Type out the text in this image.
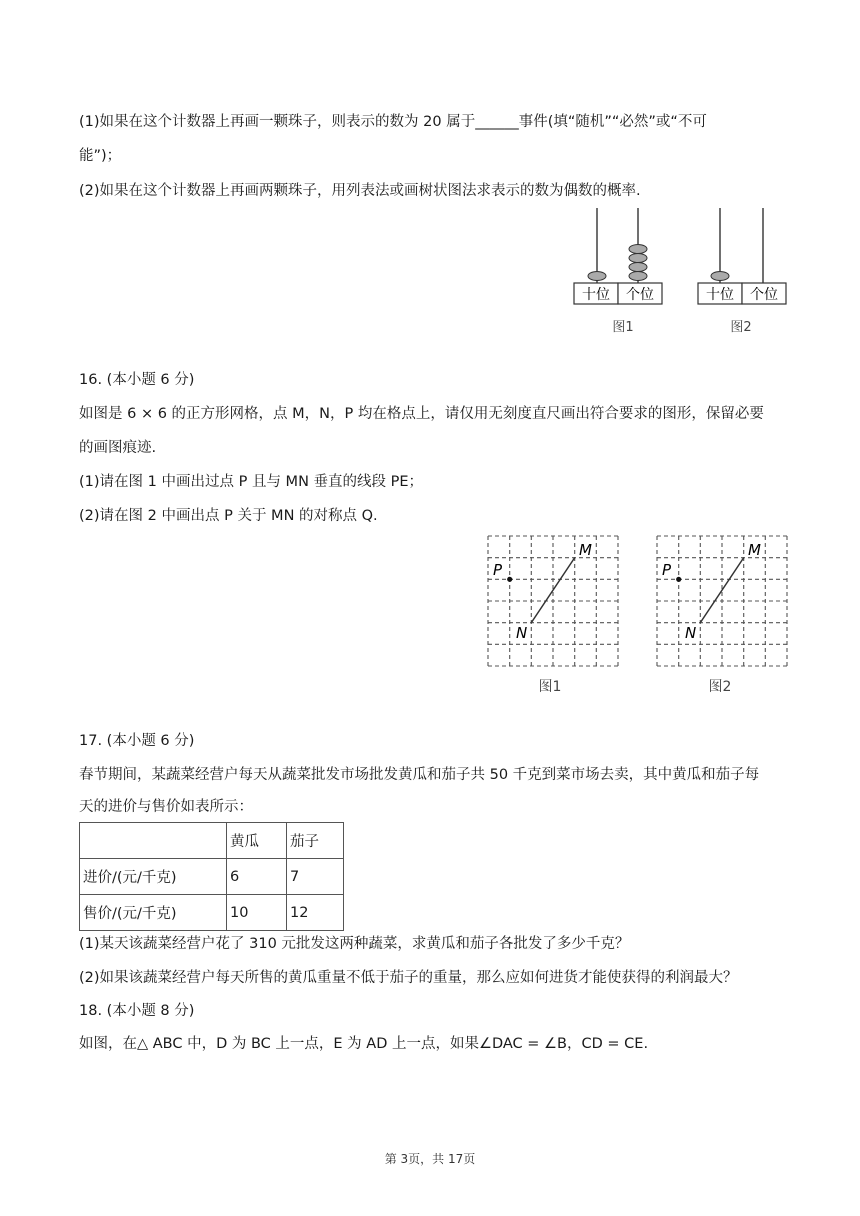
(1)如果在这个计数器上再画一颗珠子，则表示的数为 20 属于______事件(填“随机”“必然”或“不可
能”)；
(2)如果在这个计数器上再画两颗珠子，用列表法或画树状图法求表示的数为偶数的概率.
十位 个位
图1
十位 个位
图2
16. (本小题 6 分)
如图是 6 × 6 的正方形网格，点 M，N，P 均在格点上，请仅用无刻度直尺画出符合要求的图形，保留必要
的画图痕迹.
(1)请在图 1 中画出过点 P 且与 MN 垂直的线段 PE；
(2)请在图 2 中画出点 P 关于 MN 的对称点 Q.
M
N
P
图1
M
N
P
图2
17. (本小题 6 分)
春节期间，某蔬菜经营户每天从蔬菜批发市场批发黄瓜和茄子共 50 千克到菜市场去卖，其中黄瓜和茄子每
天的进价与售价如表所示：
	黄瓜	茄子
进价/(元/千克)	6	7
售价/(元/千克)	10	12
(1)某天该蔬菜经营户花了 310 元批发这两种蔬菜，求黄瓜和茄子各批发了多少千克？
(2)如果该蔬菜经营户每天所售的黄瓜重量不低于茄子的重量，那么应如何进货才能使获得的利润最大？
18. (本小题 8 分)
如图，在△ ABC 中，D 为 BC 上一点，E 为 AD 上一点，如果∠DAC = ∠B，CD = CE.
第 3页，共 17页
